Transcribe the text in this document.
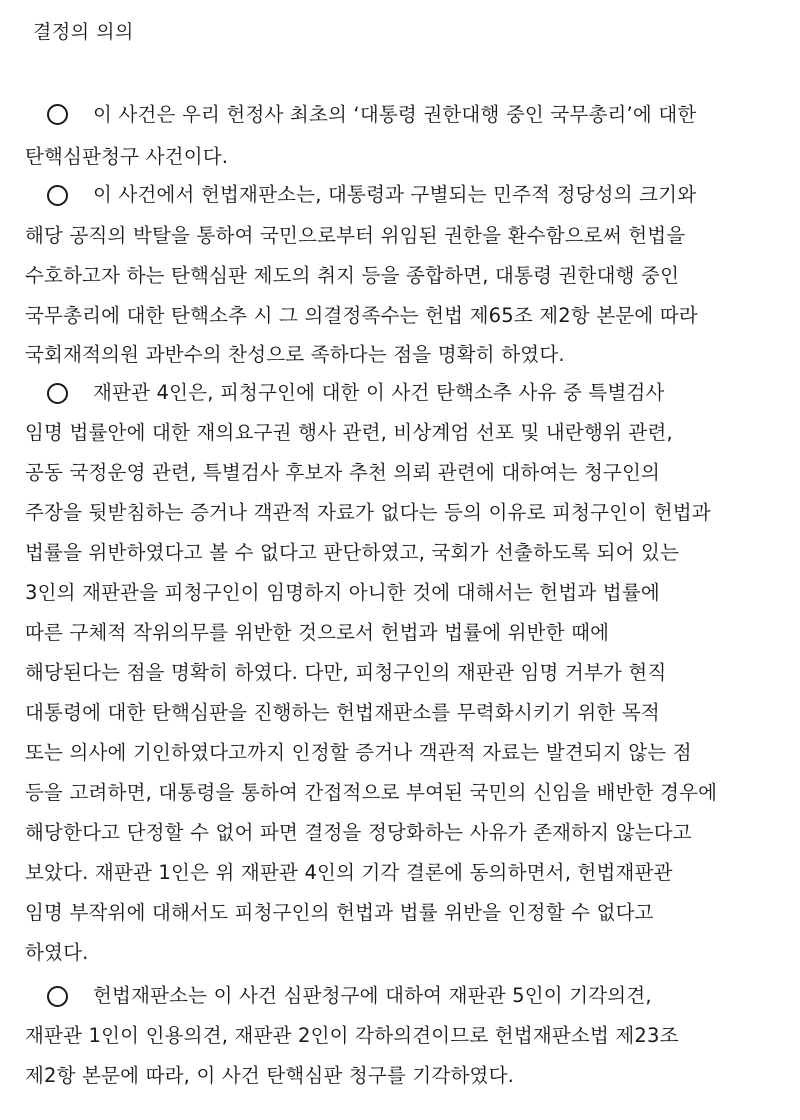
결정의 의의
이 사건은 우리 헌정사 최초의 ‘대통령 권한대행 중인 국무총리’에 대한
탄핵심판청구 사건이다.
이 사건에서 헌법재판소는, 대통령과 구별되는 민주적 정당성의 크기와
해당 공직의 박탈을 통하여 국민으로부터 위임된 권한을 환수함으로써 헌법을
수호하고자 하는 탄핵심판 제도의 취지 등을 종합하면, 대통령 권한대행 중인
국무총리에 대한 탄핵소추 시 그 의결정족수는 헌법 제65조 제2항 본문에 따라
국회재적의원 과반수의 찬성으로 족하다는 점을 명확히 하였다.
재판관 4인은, 피청구인에 대한 이 사건 탄핵소추 사유 중 특별검사
임명 법률안에 대한 재의요구권 행사 관련, 비상계엄 선포 및 내란행위 관련,
공동 국정운영 관련, 특별검사 후보자 추천 의뢰 관련에 대하여는 청구인의
주장을 뒷받침하는 증거나 객관적 자료가 없다는 등의 이유로 피청구인이 헌법과
법률을 위반하였다고 볼 수 없다고 판단하였고, 국회가 선출하도록 되어 있는
3인의 재판관을 피청구인이 임명하지 아니한 것에 대해서는 헌법과 법률에
따른 구체적 작위의무를 위반한 것으로서 헌법과 법률에 위반한 때에
해당된다는 점을 명확히 하였다. 다만, 피청구인의 재판관 임명 거부가 현직
대통령에 대한 탄핵심판을 진행하는 헌법재판소를 무력화시키기 위한 목적
또는 의사에 기인하였다고까지 인정할 증거나 객관적 자료는 발견되지 않는 점
등을 고려하면, 대통령을 통하여 간접적으로 부여된 국민의 신임을 배반한 경우에
해당한다고 단정할 수 없어 파면 결정을 정당화하는 사유가 존재하지 않는다고
보았다. 재판관 1인은 위 재판관 4인의 기각 결론에 동의하면서, 헌법재판관
임명 부작위에 대해서도 피청구인의 헌법과 법률 위반을 인정할 수 없다고
하였다.
헌법재판소는 이 사건 심판청구에 대하여 재판관 5인이 기각의견,
재판관 1인이 인용의견, 재판관 2인이 각하의견이므로 헌법재판소법 제23조
제2항 본문에 따라, 이 사건 탄핵심판 청구를 기각하였다.
